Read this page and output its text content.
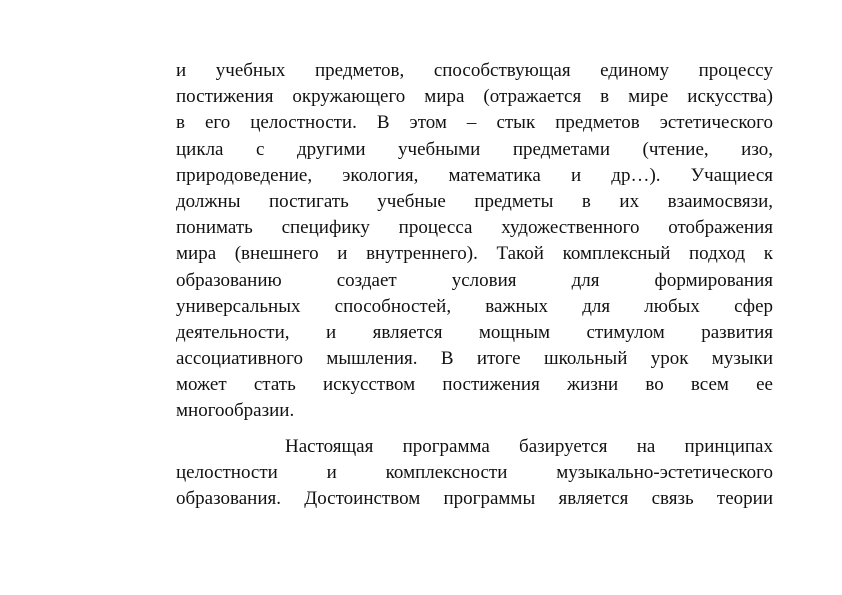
и учебных предметов, способствующая единому процессу
постижения окружающего мира (отражается в мире искусства)
в его целостности. В этом – стык предметов эстетического
цикла с другими учебными предметами (чтение, изо,
природоведение, экология, математика и др…). Учащиеся
должны постигать учебные предметы в их взаимосвязи,
понимать специфику процесса художественного отображения
мира (внешнего и внутреннего). Такой комплексный подход к
образованию создает условия для формирования
универсальных способностей, важных для любых сфер
деятельности, и является мощным стимулом развития
ассоциативного мышления. В итоге школьный урок музыки
может стать искусством постижения жизни во всем ее
многообразии.

Настоящая программа базируется на принципах
целостности и комплексности музыкально-эстетического
образования. Достоинством программы является связь теории
